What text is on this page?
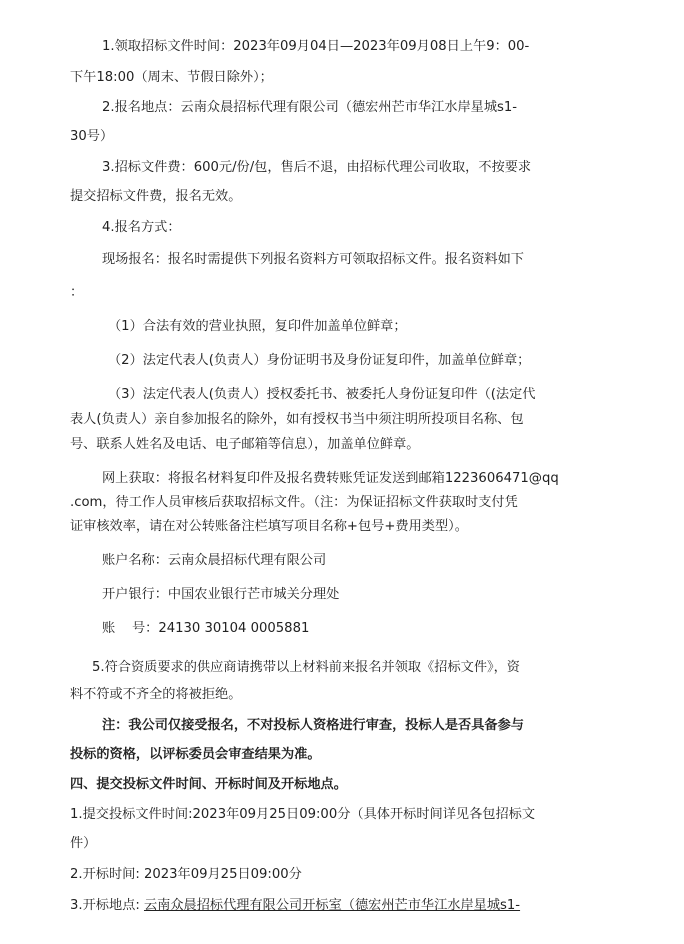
1.领取招标文件时间：2023年09月04日—2023年09月08日上午9：00-
下午18:00（周末、节假日除外）；
2.报名地点：云南众晨招标代理有限公司（德宏州芒市华江水岸星城s1-
30号）
3.招标文件费：600元/份/包，售后不退，由招标代理公司收取，不按要求
提交招标文件费，报名无效。
4.报名方式：
现场报名：报名时需提供下列报名资料方可领取招标文件。报名资料如下
：
（1）合法有效的营业执照，复印件加盖单位鲜章；
（2）法定代表人(负责人）身份证明书及身份证复印件，加盖单位鲜章；
（3）法定代表人(负责人）授权委托书、被委托人身份证复印件（(法定代
表人(负责人）亲自参加报名的除外，如有授权书当中须注明所投项目名称、包
号、联系人姓名及电话、电子邮箱等信息），加盖单位鲜章。
网上获取：将报名材料复印件及报名费转账凭证发送到邮箱1223606471@qq
.com，待工作人员审核后获取招标文件。（注：为保证招标文件获取时支付凭
证审核效率，请在对公转账备注栏填写项目名称+包号+费用类型）。
账户名称：云南众晨招标代理有限公司
开户银行：中国农业银行芒市城关分理处
账    号：24130 30104 0005881
5.符合资质要求的供应商请携带以上材料前来报名并领取《招标文件》，资
料不符或不齐全的将被拒绝。
注：我公司仅接受报名，不对投标人资格进行审查，投标人是否具备参与
投标的资格，以评标委员会审查结果为准。
四、提交投标文件时间、开标时间及开标地点。
1.提交投标文件时间:2023年09月25日09:00分（具体开标时间详见各包招标文
件）
2.开标时间: 2023年09月25日09:00分
3.开标地点: 云南众晨招标代理有限公司开标室（德宏州芒市华江水岸星城s1-
